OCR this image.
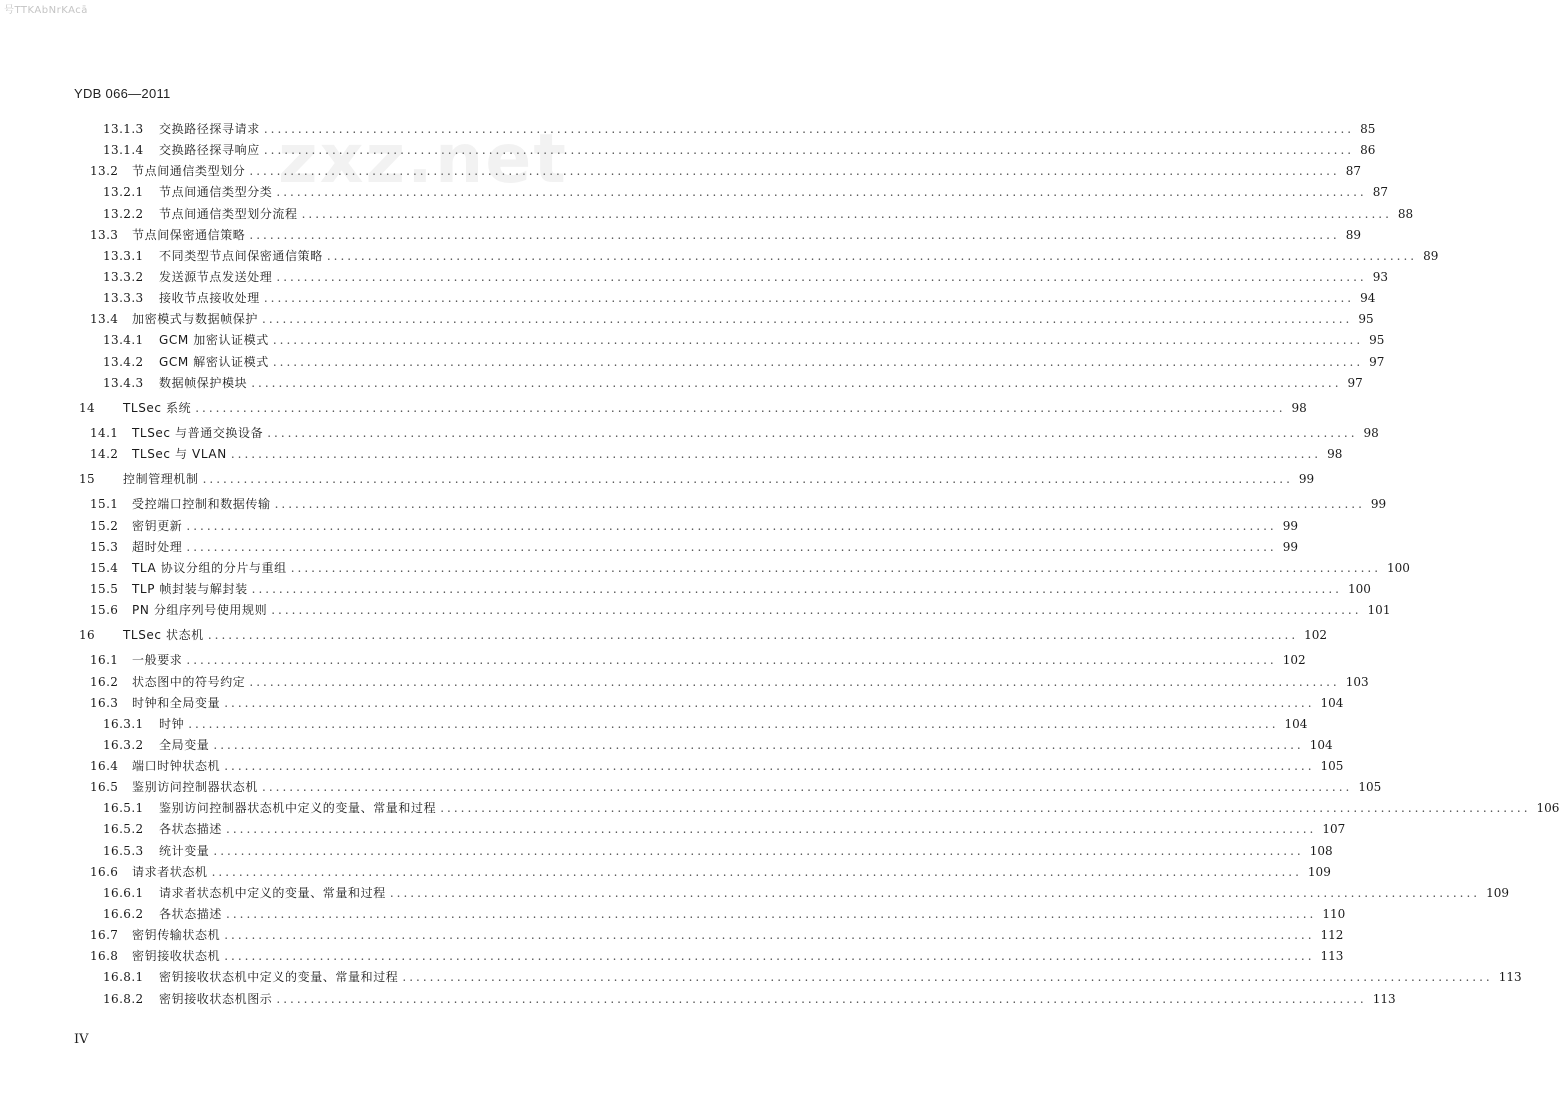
号TTKAbNrKAcā
YDB 066—2011
zxz.net
13.1.3	交换路径探寻请求 ................................................................................................................................................................ 85
13.1.4	交换路径探寻响应 ................................................................................................................................................................ 86
13.2	节点间通信类型划分 ................................................................................................................................................................ 87
13.2.1	节点间通信类型分类 ................................................................................................................................................................ 87
13.2.2	节点间通信类型划分流程 ................................................................................................................................................................ 88
13.3	节点间保密通信策略 ................................................................................................................................................................ 89
13.3.1	不同类型节点间保密通信策略 ................................................................................................................................................................ 89
13.3.2	发送源节点发送处理 ................................................................................................................................................................ 93
13.3.3	接收节点接收处理 ................................................................................................................................................................ 94
13.4	加密模式与数据帧保护 ................................................................................................................................................................ 95
13.4.1	GCM 加密认证模式 ................................................................................................................................................................ 95
13.4.2	GCM 解密认证模式 ................................................................................................................................................................ 97
13.4.3	数据帧保护模块 ................................................................................................................................................................ 97
14	TLSec 系统 ................................................................................................................................................................ 98
14.1	TLSec 与普通交换设备 ................................................................................................................................................................ 98
14.2	TLSec 与 VLAN ................................................................................................................................................................ 98
15	控制管理机制 ................................................................................................................................................................ 99
15.1	受控端口控制和数据传输 ................................................................................................................................................................ 99
15.2	密钥更新 ................................................................................................................................................................ 99
15.3	超时处理 ................................................................................................................................................................ 99
15.4	TLA 协议分组的分片与重组 ................................................................................................................................................................ 100
15.5	TLP 帧封装与解封装 ................................................................................................................................................................ 100
15.6	PN 分组序列号使用规则 ................................................................................................................................................................ 101
16	TLSec 状态机 ................................................................................................................................................................ 102
16.1	一般要求 ................................................................................................................................................................ 102
16.2	状态图中的符号约定 ................................................................................................................................................................ 103
16.3	时钟和全局变量 ................................................................................................................................................................ 104
16.3.1	时钟 ................................................................................................................................................................ 104
16.3.2	全局变量 ................................................................................................................................................................ 104
16.4	端口时钟状态机 ................................................................................................................................................................ 105
16.5	鉴别访问控制器状态机 ................................................................................................................................................................ 105
16.5.1	鉴别访问控制器状态机中定义的变量、常量和过程 ................................................................................................................................................................ 106
16.5.2	各状态描述 ................................................................................................................................................................ 107
16.5.3	统计变量 ................................................................................................................................................................ 108
16.6	请求者状态机 ................................................................................................................................................................ 109
16.6.1	请求者状态机中定义的变量、常量和过程 ................................................................................................................................................................ 109
16.6.2	各状态描述 ................................................................................................................................................................ 110
16.7	密钥传输状态机 ................................................................................................................................................................ 112
16.8	密钥接收状态机 ................................................................................................................................................................ 113
16.8.1	密钥接收状态机中定义的变量、常量和过程 ................................................................................................................................................................ 113
16.8.2	密钥接收状态机图示 ................................................................................................................................................................ 113
IV
